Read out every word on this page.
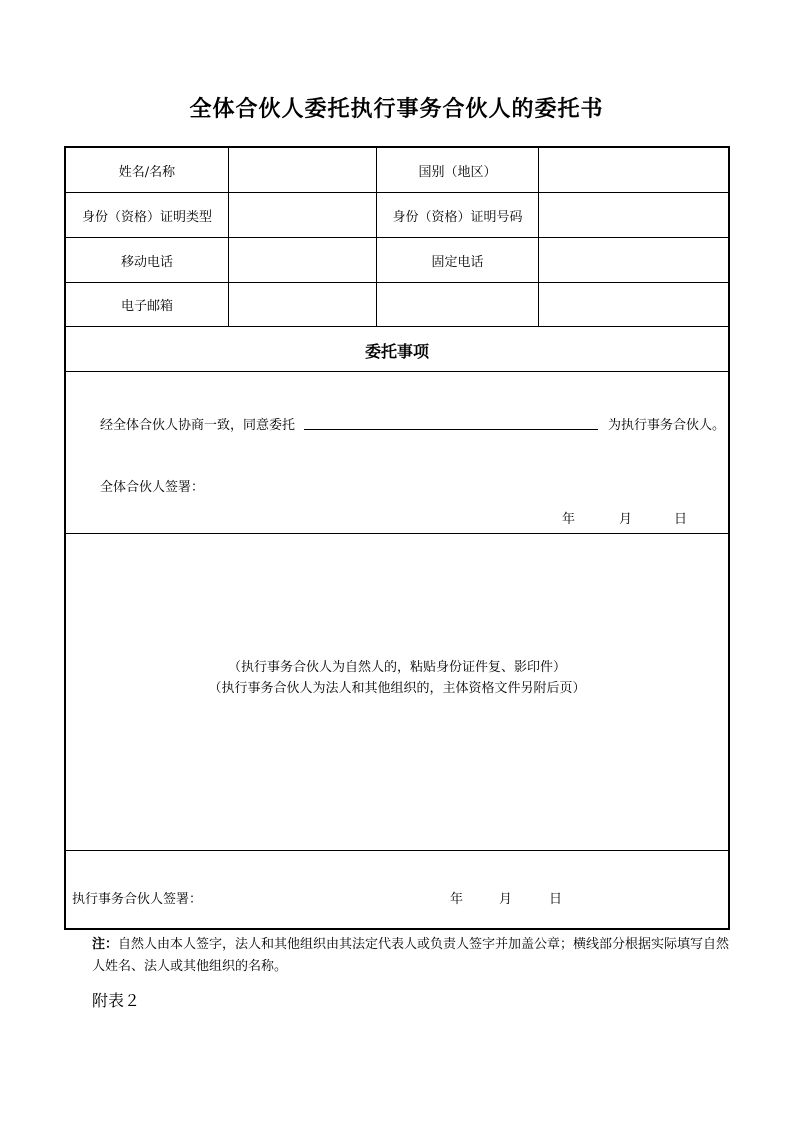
全体合伙人委托执行事务合伙人的委托书
姓名/名称	国别（地区）
身份（资格）证明类型	身份（资格）证明号码
移动电话	固定电话
电子邮箱
委托事项
经全体合伙人协商一致，同意委托	为执行事务合伙人。
全体合伙人签署：
年	月	日
（执行事务合伙人为自然人的，粘贴身份证件复、影印件）
（执行事务合伙人为法人和其他组织的，主体资格文件另附后页）
执行事务合伙人签署：	年	月	日
注：自然人由本人签字，法人和其他组织由其法定代表人或负责人签字并加盖公章；横线部分根据实际填写自然人姓名、法人或其他组织的名称。
附表２
